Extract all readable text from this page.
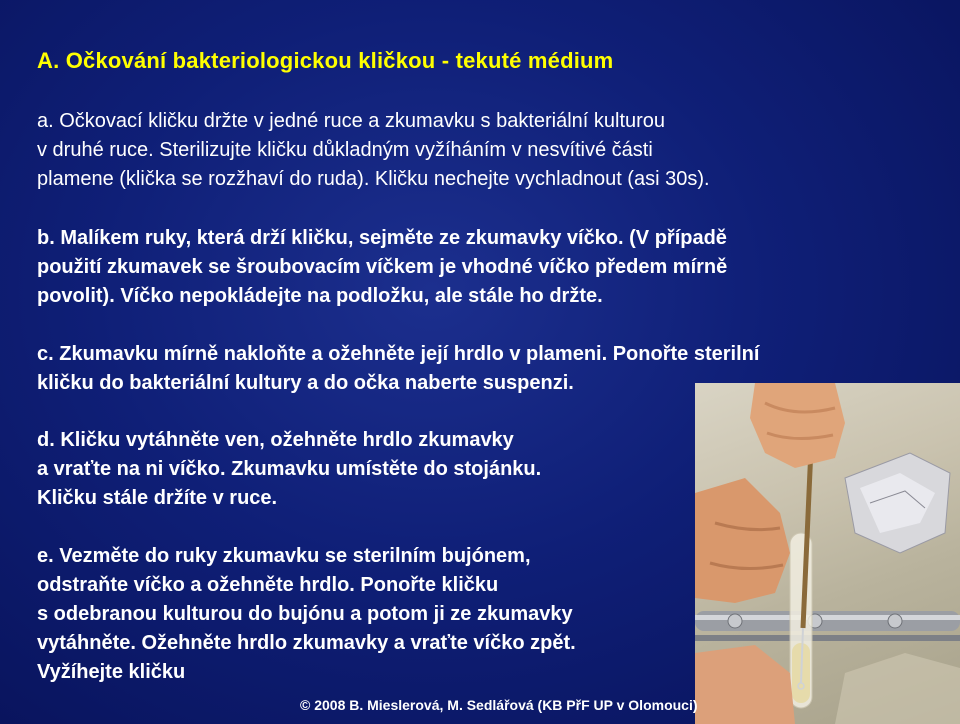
A. Očkování bakteriologickou kličkou - tekuté médium

a. Očkovací kličku držte v jedné ruce a zkumavku s bakteriální kulturou

v druhé ruce. Sterilizujte kličku důkladným vyžíháním v nesvítivé části

plamene (klička se rozžhaví do ruda). Kličku nechejte vychladnout (asi 30s).

b. Malíkem ruky, která drží kličku, sejměte ze zkumavky víčko. (V případě

použití zkumavek se šroubovacím víčkem je vhodné víčko předem mírně

povolit). Víčko nepokládejte na podložku, ale stále ho držte.

c. Zkumavku mírně nakloňte a ožehněte její hrdlo v plameni. Ponořte sterilní

kličku do bakteriální kultury a do očka naberte suspenzi.

d. Kličku vytáhněte ven, ožehněte hrdlo zkumavky

a vraťte na ni víčko. Zkumavku umístěte do stojánku.

Kličku stále držíte v ruce.

e. Vezměte do ruky zkumavku se sterilním bujónem,

odstraňte víčko a ožehněte hrdlo. Ponořte kličku

s odebranou kulturou do bujónu a potom ji ze zkumavky

vytáhněte. Ožehněte hrdlo zkumavky a vraťte víčko zpět.

Vyžíhejte kličku

© 2008 B. Mieslerová, M. Sedlářová (KB PřF UP v Olomouci)
